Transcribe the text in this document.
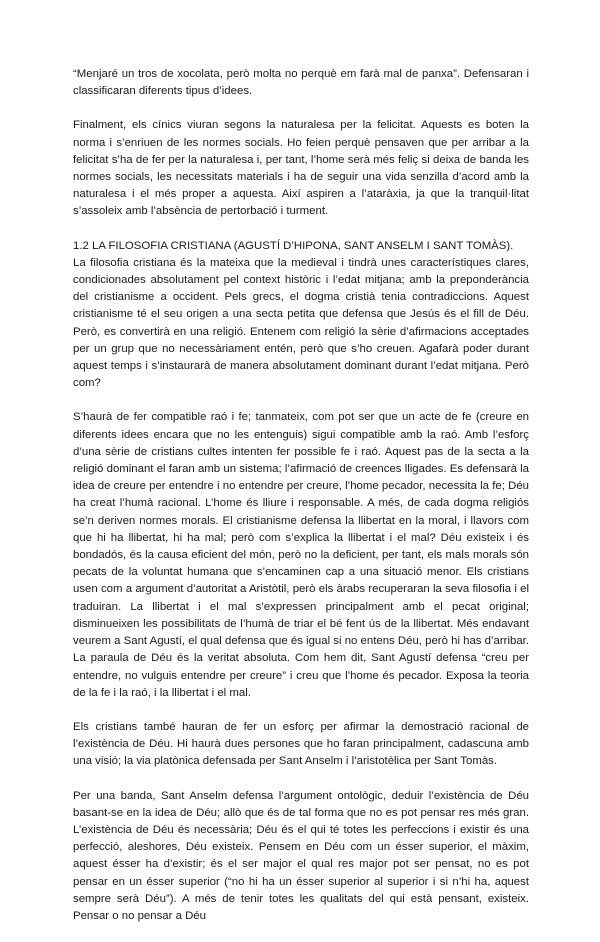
“Menjaré un tros de xocolata, però molta no perquè em farà mal de panxa”. Defensaran i classificaran diferents tipus d’idees.

Finalment, els cínics viuran segons la naturalesa per la felicitat. Aquests es boten la norma i s’enriuen de les normes socials. Ho feien perquè pensaven que per arribar a la felicitat s’ha de fer per la naturalesa i, per tant, l’home serà més feliç si deixa de banda les normes socials, les necessitats materials i ha de seguir una vida senzilla d’acord amb la naturalesa i el més proper a aquesta. Així aspiren a l’ataràxia, ja que la tranquil·litat s’assoleix amb l’absència de pertorbació i turment.

1.2 LA FILOSOFIA CRISTIANA (AGUSTÍ D’HIPONA, SANT ANSELM I SANT TOMÀS).

La filosofia cristiana és la mateixa que la medieval i tindrà unes característiques clares, condicionades absolutament pel context històric i l’edat mitjana; amb la preponderància del cristianisme a occident. Pels grecs, el dogma cristià tenia contradiccions. Aquest cristianisme té el seu origen a una secta petita que defensa que Jesús és el fill de Déu. Però, es convertirà en una religió. Entenem com religió la sèrie d’afirmacions acceptades per un grup que no necessàriament entén, però que s’ho creuen. Agafarà poder durant aquest temps i s’instaurarà de manera absolutament dominant durant l’edat mitjana. Però com?

S’haurà de fer compatible raó i fe; tanmateix, com pot ser que un acte de fe (creure en diferents idees encara que no les entenguis) sigui compatible amb la raó. Amb l’esforç d’una sèrie de cristians cultes intenten fer possible fe i raó. Aquest pas de la secta a la religió dominant el faran amb un sistema; l’afirmació de creences lligades. Es defensarà la idea de creure per entendre i no entendre per creure, l’home pecador, necessita la fe; Déu ha creat l’humà racional. L’home és lliure i responsable. A més, de cada dogma religiós se’n deriven normes morals. El cristianisme defensa la llibertat en la moral, i llavors com que hi ha llibertat, hi ha mal; però com s’explica la llibertat i el mal? Déu existeix i és bondadós, és la causa eficient del món, però no la deficient, per tant, els mals morals són pecats de la voluntat humana que s’encaminen cap a una situació menor. Els cristians usen com a argument d’autoritat a Aristòtil, però els àrabs recuperaran la seva filosofia i el traduiran. La llibertat i el mal s’expressen principalment amb el pecat original; disminueixen les possibilitats de l’humà de triar el bé fent ús de la llibertat. Més endavant veurem a Sant Agustí, el qual defensa que és igual si no entens Déu, però hi has d’arribar. La paraula de Déu és la veritat absoluta. Com hem dit, Sant Agustí defensa “creu per entendre, no vulguis entendre per creure” i creu que l’home és pecador. Exposa la teoria de la fe i la raó, i la llibertat i el mal.

Els cristians també hauran de fer un esforç per afirmar la demostració racional de l’existència de Déu. Hi haurà dues persones que ho faran principalment, cadascuna amb una visió; la via platònica defensada per Sant Anselm i l’aristotèlica per Sant Tomàs.

Per una banda, Sant Anselm defensa l’argument ontològic, deduir l’existència de Déu basant-se en la idea de Déu; allò que és de tal forma que no es pot pensar res més gran. L’existència de Déu és necessària; Déu és el qui té totes les perfeccions i existir és una perfecció, aleshores, Déu existeix. Pensem en Déu com un ésser superior, el màxim, aquest ésser ha d’existir; és el ser major el qual res major pot ser pensat, no es pot pensar en un ésser superior (“no hi ha un ésser superior al superior i si n’hi ha, aquest sempre serà Déu”). A més de tenir totes les qualitats del qui està pensant, existeix. Pensar o no pensar a Déu
